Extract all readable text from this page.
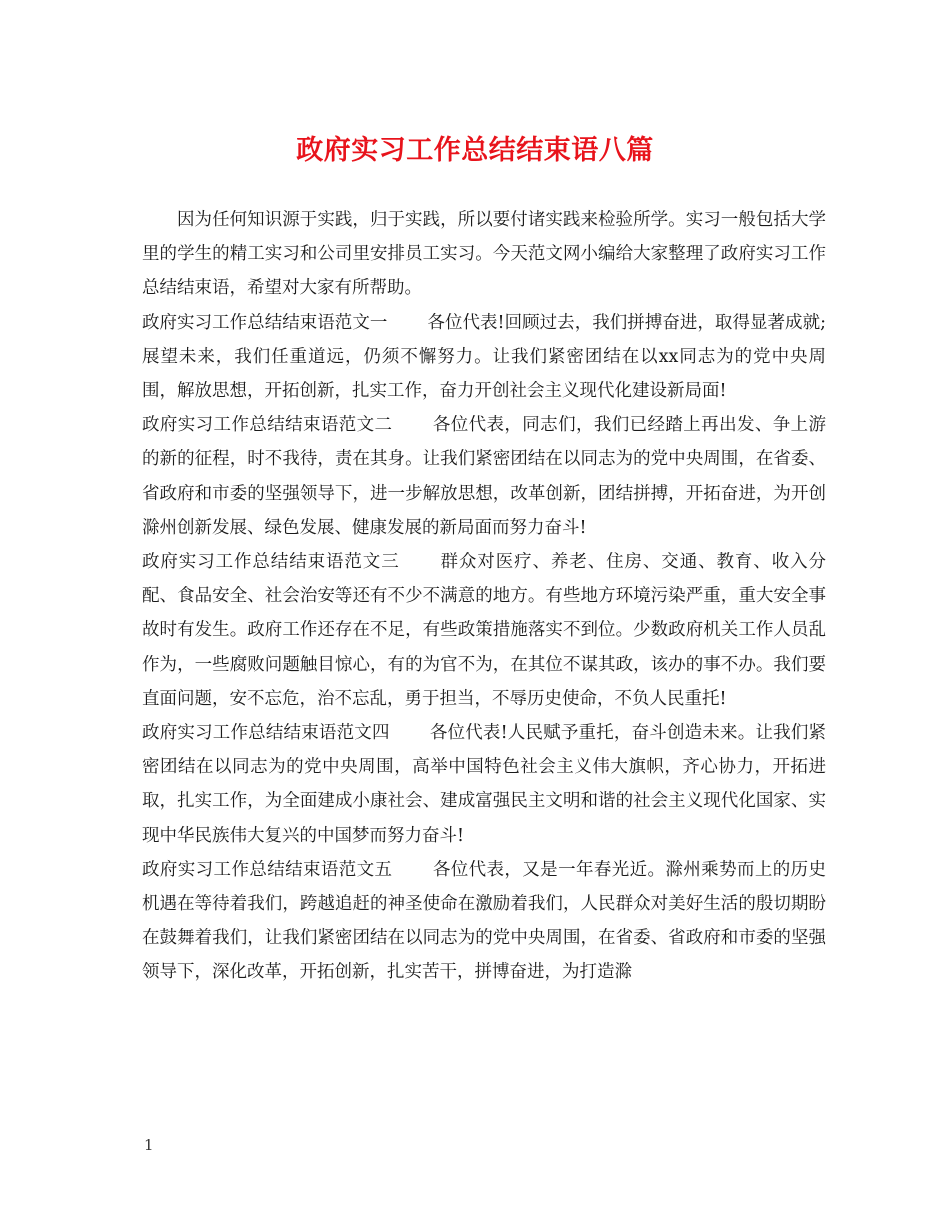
政府实习工作总结结束语八篇

因为任何知识源于实践，归于实践，所以要付诸实践来检验所学。实习一般包括大学里的学生的精工实习和公司里安排员工实习。今天范文网小编给大家整理了政府实习工作总结结束语，希望对大家有所帮助。

政府实习工作总结结束语范文一 各位代表!回顾过去，我们拼搏奋进，取得显著成就;展望未来，我们任重道远，仍须不懈努力。让我们紧密团结在以xx同志为的党中央周围，解放思想，开拓创新，扎实工作，奋力开创社会主义现代化建设新局面!

政府实习工作总结结束语范文二 各位代表，同志们，我们已经踏上再出发、争上游的新的征程，时不我待，责在其身。让我们紧密团结在以同志为的党中央周围，在省委、省政府和市委的坚强领导下，进一步解放思想，改革创新，团结拼搏，开拓奋进，为开创滁州创新发展、绿色发展、健康发展的新局面而努力奋斗!

政府实习工作总结结束语范文三 群众对医疗、养老、住房、交通、教育、收入分配、食品安全、社会治安等还有不少不满意的地方。有些地方环境污染严重，重大安全事故时有发生。政府工作还存在不足，有些政策措施落实不到位。少数政府机关工作人员乱作为，一些腐败问题触目惊心，有的为官不为，在其位不谋其政，该办的事不办。我们要直面问题，安不忘危，治不忘乱，勇于担当，不辱历史使命，不负人民重托!

政府实习工作总结结束语范文四 各位代表!人民赋予重托，奋斗创造未来。让我们紧密团结在以同志为的党中央周围，高举中国特色社会主义伟大旗帜，齐心协力，开拓进取，扎实工作，为全面建成小康社会、建成富强民主文明和谐的社会主义现代化国家、实现中华民族伟大复兴的中国梦而努力奋斗!

政府实习工作总结结束语范文五 各位代表，又是一年春光近。滁州乘势而上的历史机遇在等待着我们，跨越追赶的神圣使命在激励着我们，人民群众对美好生活的殷切期盼在鼓舞着我们，让我们紧密团结在以同志为的党中央周围，在省委、省政府和市委的坚强领导下，深化改革，开拓创新，扎实苦干，拼博奋进，为打造滁

1
